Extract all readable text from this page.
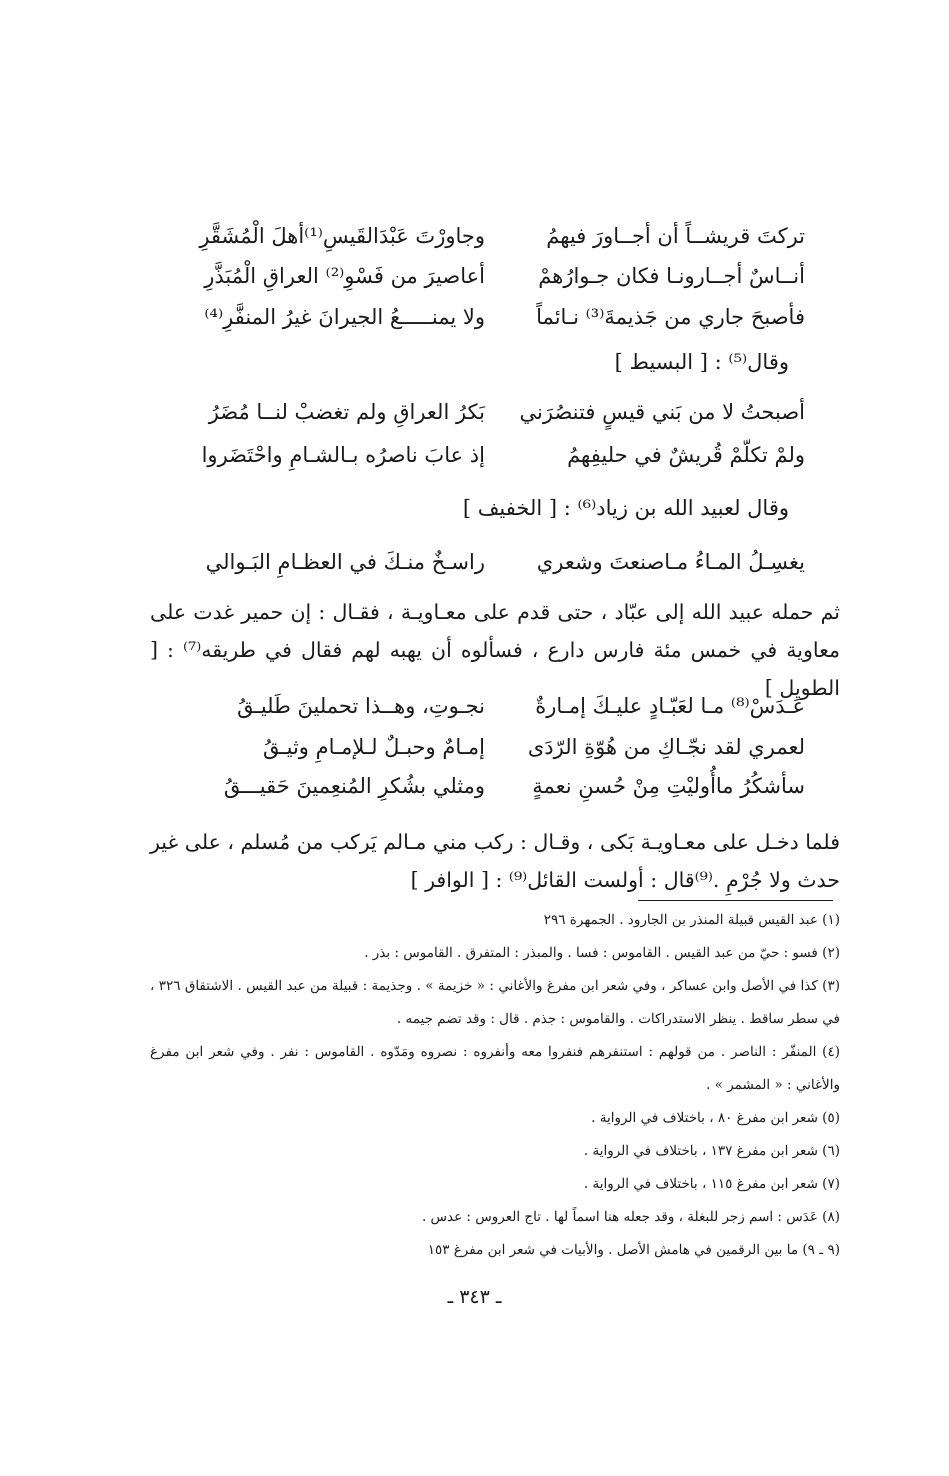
تركتَ قريشــاً أن أجــاورَ فيهمُ
وجاورْتَ عَبْدَالقَيسِ⁽¹⁾أهلَ الْمُشَقَّرِ
أنــاسٌ أجــارونـا فكان جـوارُهمْ
أعاصيرَ من فَسْوِ⁽²⁾ العراقِ الْمُبَذَّرِ
فأصبحَ جاري من جَذيمةَ⁽³⁾ نـائماً
ولا يمنـــــعُ الجيرانَ غيرُ المنفَّرِ⁽⁴⁾
وقال⁽⁵⁾ : [ البسيط ]
أصبحتُ لا من بَني قيسٍ فتنصُرَني
بَكرُ العراقِ ولم تغضبْ لنــا مُضَرُ
ولمْ تكلّمْ قُريشٌ في حليفِهمُ
إذ عابَ ناصرُه بـالشـامِ واحْتَضَروا
وقال لعبيد الله بن زياد⁽⁶⁾ : [ الخفيف ]
يغسِـلُ المـاءُ مـاصنعتَ وشعري
راسـخٌ منـكَ في العظـامِ البَـوالي
ثم حمله عبيد الله إلى عبّاد ، حتى قدم على معـاويـة ، فقـال : إن حمير غدت على معاوية في خمس مئة فارس دارع ، فسألوه أن يهبه لهم فقال في طريقه⁽⁷⁾ : [ الطويل ]
عَـدَسْ⁽⁸⁾ مـا لعَبّـادٍ عليـكَ إمـارةٌ
نجـوتِ، وهــذا تحملينَ طَليـقُ
لعمري لقد نجّـاكِ من هُوّةِ الرّدَى
إمـامٌ وحبـلٌ لـلإمـامِ وثيـقُ
سأشكُرُ ماأُوليْتِ مِنْ حُسنِ نعمةٍ
ومثلي بشُكرِ المُنعِمينَ حَقيـــقُ
فلما دخـل على معـاويـة بَكى ، وقـال : ركب مني مـالم يَركب من مُسلم ، على غير حدث ولا جُرْمِ .⁽⁹⁾قال : أولست القائل⁽⁹⁾ : [ الوافر ]
(١) عبد القيس قبيلة المنذر بن الجارود . الجمهرة ٢٩٦
(٢) فسو : حيّ من عبد القيس . القاموس : فسا . والمبذر : المتفرق . القاموس : بذر .
(٣) كذا في الأصل وابن عساكر ، وفي شعر ابن مفرغ والأغاني : « خزيمة » . وجذيمة : قبيلة من عبد القيس . الاشتقاق ٣٢٦ ، في سطر ساقط . ينظر الاستدراكات . والقاموس : جذم . قال : وقد تضم جيمه .
(٤) المنفّر : الناصر . من قولهم : استنفرهم فنفروا معه وأنفروه : نصروه ومَدّوه . القاموس : نفر . وفي شعر ابن مفرغ والأغاني : « المشمر » .
(٥) شعر ابن مفرغ ٨٠ ، باختلاف في الرواية .
(٦) شعر ابن مفرغ ١٣٧ ، باختلاف في الرواية .
(٧) شعر ابن مفرغ ١١٥ ، باختلاف في الرواية .
(٨) عَدَس : اسم زجر للبغلة ، وقد جعله هنا اسماً لها . تاج العروس : عدس .
(٩ ـ ٩) ما بين الرقمين في هامش الأصل . والأبيات في شعر ابن مفرغ ١٥٣
ـ ٣٤٣ ـ
